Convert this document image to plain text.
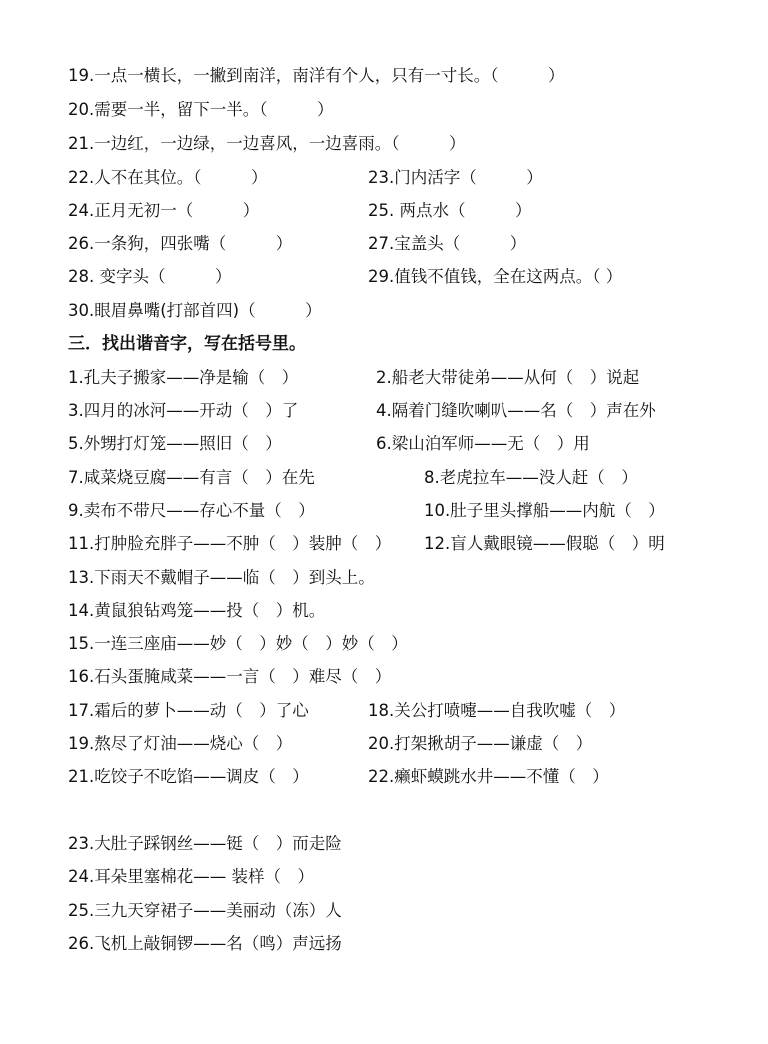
19.一点一横长，一撇到南洋，南洋有个人，只有一寸长。（　　　）
20.需要一半，留下一半。（　　　）
21.一边红，一边绿，一边喜风，一边喜雨。（　　　）
22.人不在其位。（　　　）	23.门内活字（　　　）
24.正月无初一（　　　）	25. 两点水（　　　）
26.一条狗，四张嘴（　　　）	27.宝盖头（　　　）
28. 变字头（　　　）	29.值钱不值钱，全在这两点。（ ）
30.眼眉鼻嘴(打部首四)（　　　）
三．找出谐音字，写在括号里。
1.孔夫子搬家——净是输（　）	2.船老大带徒弟——从何（　）说起
3.四月的冰河——开动（　）了	4.隔着门缝吹喇叭——名（　）声在外
5.外甥打灯笼——照旧（　）	6.梁山泊军师——无（　）用
7.咸菜烧豆腐——有言（　）在先	8.老虎拉车——没人赶（　）
9.卖布不带尺——存心不量（　）	10.肚子里头撑船——内航（　）
11.打肿脸充胖子——不肿（　）装肿（　） 12.盲人戴眼镜——假聪（　）明
13.下雨天不戴帽子——临（　）到头上。
14.黄鼠狼钻鸡笼——投（　）机。
15.一连三座庙——妙（　）妙（　）妙（　）
16.石头蛋腌咸菜——一言（　）难尽（　）
17.霜后的萝卜——动（　）了心	18.关公打喷嚏——自我吹嘘（　）
19.熬尽了灯油——烧心（　）	20.打架揪胡子——谦虚（　）
21.吃饺子不吃馅——调皮（　）	22.癞虾蟆跳水井——不懂（　）
23.大肚子踩钢丝——铤（　）而走险
24.耳朵里塞棉花—— 装样（　）
25.三九天穿裙子——美丽动（冻）人
26.飞机上敲铜锣——名（鸣）声远扬
